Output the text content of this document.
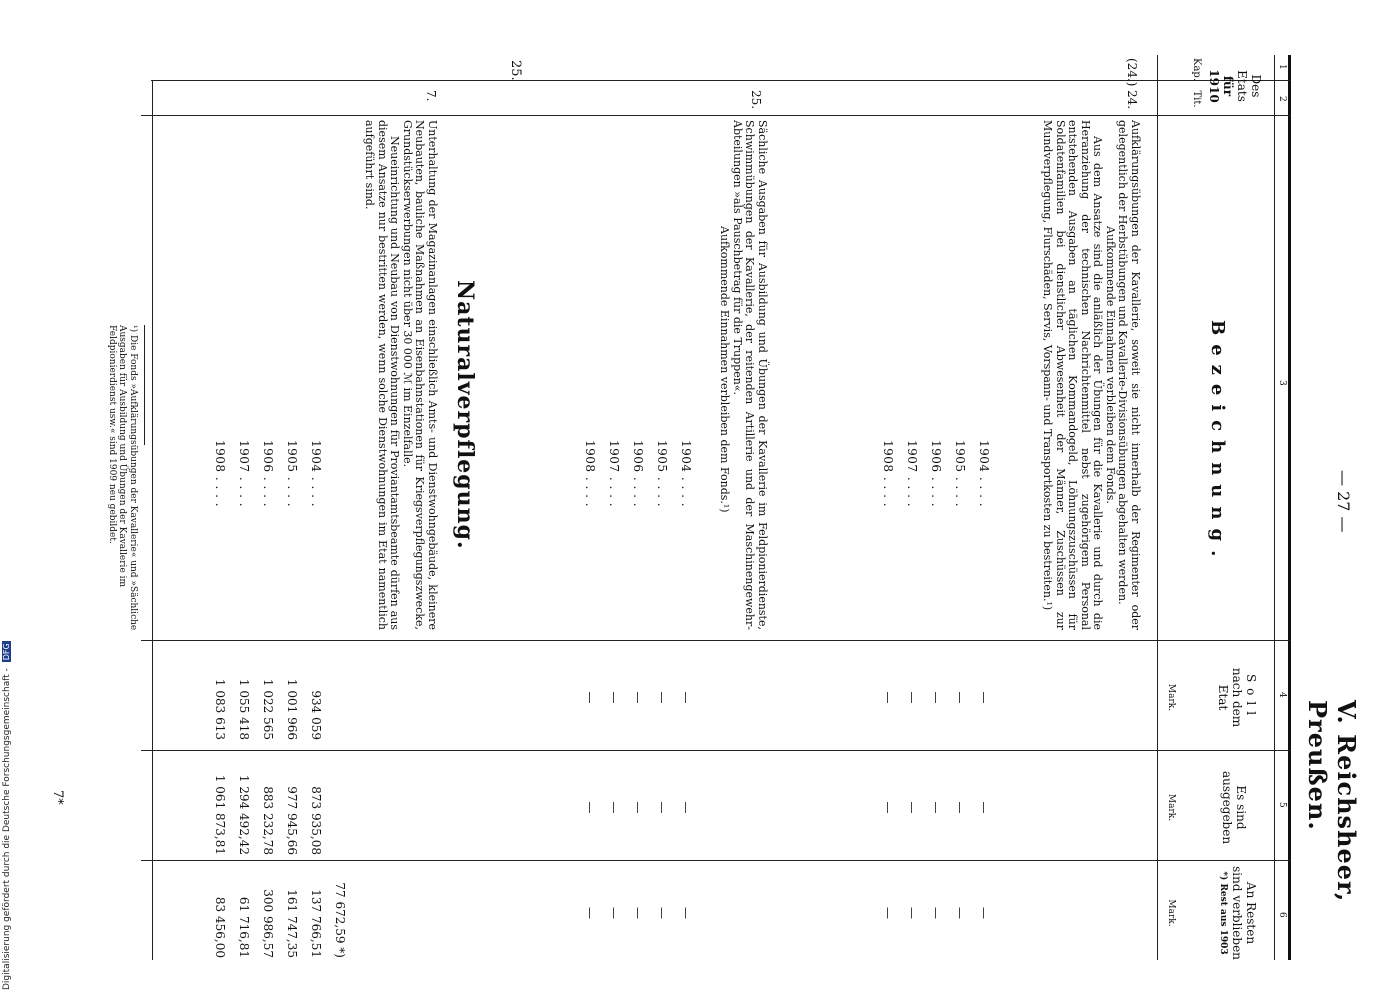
Digitalisierung gefördert durch die Deutsche Forschungsgemeinschaft - DFG
— 27 —
V. Reichsheer, Preußen.
1
2
3
4
5
6
Des Etats
für 1910
Kap.
Tit.
Bezeichnung.
Soll
nach dem
Etat
Mark.
Es sind
ausgegeben
Mark.
An Resten
sind verblieben
*) Rest aus 1903
Mark.
(24.)
24.
Aufklärungsübungen der Kavallerie, soweit sie nicht innerhalb der Regimenter oder gelegentlich der Herbstübungen und Kavallerie-Divisionsübungen abgehalten werden.
Aufkommende Einnahmen verbleiben dem Fonds.
Aus dem Ansatze sind die anläßlich der Übungen für die Kavallerie und durch die Heranziehung der technischen Nachrichtenmittel nebst zugehörigem Personal entstehenden Ausgaben an täglichen Kommandogeld, Löhnungszuschüssen für Soldatenfamilien bei dienstlicher Abwesenheit der Männer, Zuschüssen zur Mundverpflegung, Flurschäden, Servis, Vorspann- und Transportkosten zu bestreiten.¹)
1904 . . . .
1905 . . . .
1906 . . . .
1907 . . . .
1908 . . . .
—
—
—
—
—
—
—
—
—
—
—
—
—
—
—
25.
Sächliche Ausgaben für Ausbildung und Übungen der Kavallerie im Feldpionierdienste, Schwimmübungen der Kavallerie, der reitenden Artillerie und der Maschinengewehr-Abteilungen »als Pauschbetrag für die Truppen«.
Aufkommende Einnahmen verbleiben dem Fonds.¹)
1904 . . . .
1905 . . . .
1906 . . . .
1907 . . . .
1908 . . . .
—
—
—
—
—
—
—
—
—
—
—
—
—
—
—
25.
Naturalverpflegung.
7.
Unterhaltung der Magazinanlagen einschließlich Amts- und Dienstwohngebäude, kleinere Neubauten, bauliche Maßnahmen an Eisenbahnstationen für Kriegsverpflegungszwecke, Grundstückserwerbungen nicht über 30 000 ℳ im Einzelfalle.
Neueinrichtung und Neubau von Dienstwohnungen für Proviantamtsbeamte dürfen aus diesem Ansatze nur bestritten werden, wenn solche Dienstwohnungen im Etat namentlich aufgeführt sind.
1904 . . . .
1905 . . . .
1906 . . . .
1907 . . . .
1908 . . . .
934 059
1 001 966
1 022 565
1 055 418
1 083 613
873 935,08
977 945,66
883 232,78
1 294 492,42
1 061 873,81
77 672,59 *)
137 766,51
161 747,35
300 986,57
61 716,81
83 456,00
¹) Die Fonds »Aufklärungsübungen der Kavallerie« und »Sächliche Ausgaben für Ausbildung und Übungen der Kavallerie im Feldpionierdienst usw.« sind 1909 neu gebildet.
7*
